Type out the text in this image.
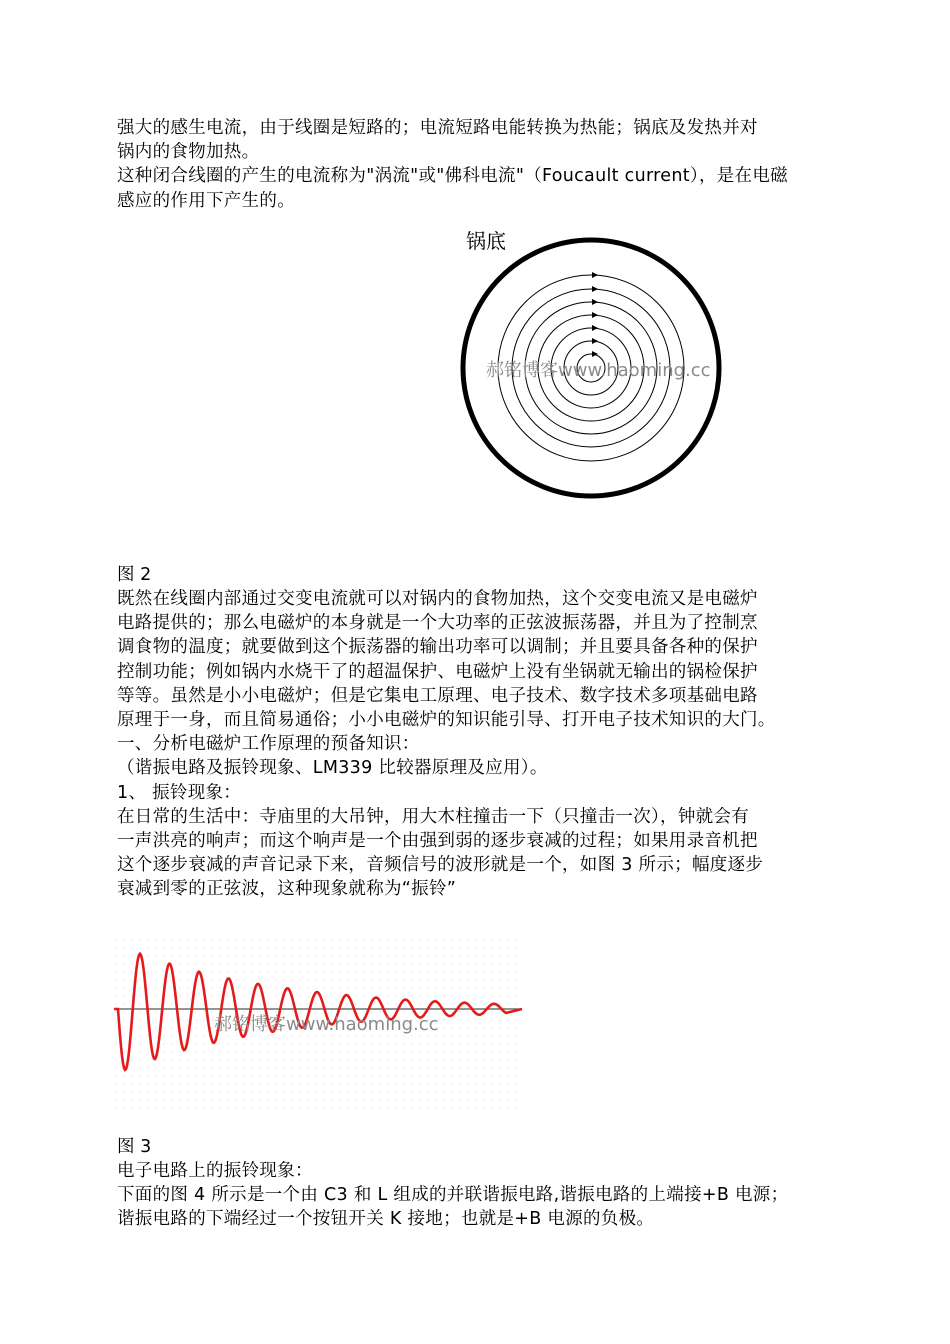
强大的感生电流，由于线圈是短路的；电流短路电能转换为热能；锅底及发热并对
锅内的食物加热。
这种闭合线圈的产生的电流称为"涡流"或"佛科电流"（Foucault current），是在电磁
感应的作用下产生的。
锅底
郝铭博客www.haoming.cc
图 2
既然在线圈内部通过交变电流就可以对锅内的食物加热，这个交变电流又是电磁炉
电路提供的；那么电磁炉的本身就是一个大功率的正弦波振荡器，并且为了控制烹
调食物的温度；就要做到这个振荡器的输出功率可以调制；并且要具备各种的保护
控制功能；例如锅内水烧干了的超温保护、电磁炉上没有坐锅就无输出的锅检保护
等等。虽然是小小电磁炉；但是它集电工原理、电子技术、数字技术多项基础电路
原理于一身，而且简易通俗；小小电磁炉的知识能引导、打开电子技术知识的大门。
一、分析电磁炉工作原理的预备知识：
（谐振电路及振铃现象、LM339 比较器原理及应用）。
1、 振铃现象：
在日常的生活中：寺庙里的大吊钟，用大木柱撞击一下（只撞击一次），钟就会有
一声洪亮的响声；而这个响声是一个由强到弱的逐步衰减的过程；如果用录音机把
这个逐步衰减的声音记录下来，音频信号的波形就是一个，如图 3 所示；幅度逐步
衰减到零的正弦波，这种现象就称为“振铃”
郝铭博客www.haoming.cc
图 3
电子电路上的振铃现象：
下面的图 4 所示是一个由 C3 和 L 组成的并联谐振电路,谐振电路的上端接+B 电源；
谐振电路的下端经过一个按钮开关 K 接地；也就是+B 电源的负极。
